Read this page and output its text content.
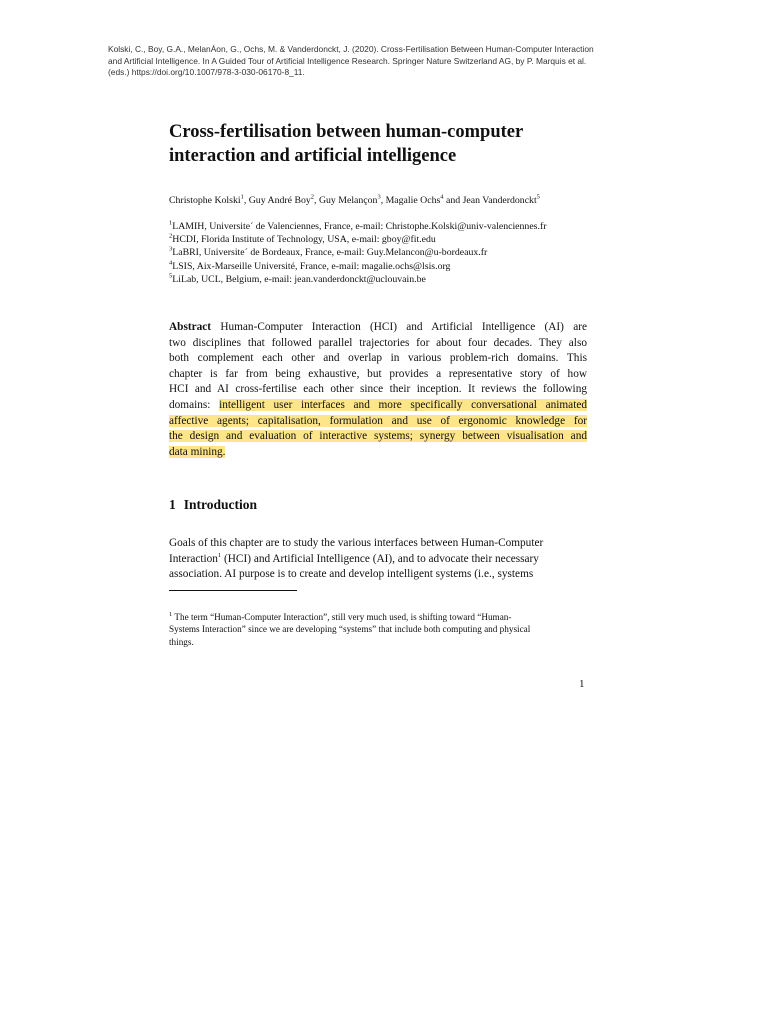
Kolski, C., Boy, G.A., MelanÁon, G., Ochs, M. & Vanderdonckt, J. (2020). Cross-Fertilisation Between Human-Computer Interaction
and Artificial Intelligence. In A Guided Tour of Artificial Intelligence Research. Springer Nature Switzerland AG, by P. Marquis et al.
(eds.) https://doi.org/10.1007/978-3-030-06170-8_11.
Cross-fertilisation between human-computer
interaction and artificial intelligence
Christophe Kolski$^1$, Guy André Boy$^2$, Guy Melançon$^3$, Magalie Ochs$^4$ and Jean Vanderdonckt$^5$
$^1$LAMIH, Universite´ de Valenciennes, France, e-mail: Christophe.Kolski@univ-valenciennes.fr
$^2$HCDI, Florida Institute of Technology, USA, e-mail: gboy@fit.edu
$^3$LaBRI, Universite´ de Bordeaux, France, e-mail: Guy.Melancon@u-bordeaux.fr
$^4$LSIS, Aix-Marseille Université, France, e-mail: magalie.ochs@lsis.org
$^5$LiLab, UCL, Belgium, e-mail: jean.vanderdonckt@uclouvain.be
Abstract Human-Computer Interaction (HCI) and Artificial Intelligence (AI) are
two disciplines that followed parallel trajectories for about four decades. They also
both complement each other and overlap in various problem-rich domains. This
chapter is far from being exhaustive, but provides a representative story of how
HCI and AI cross-fertilise each other since their inception. It reviews the following
domains: intelligent user interfaces and more specifically conversational animated
affective agents; capitalisation, formulation and use of ergonomic knowledge for
the design and evaluation of interactive systems; synergy between visualisation and
data mining.
1 Introduction
Goals of this chapter are to study the various interfaces between Human-Computer
Interaction$^1$ (HCI) and Artificial Intelligence (AI), and to advocate their necessary
association. AI purpose is to create and develop intelligent systems (i.e., systems
$^1$ The term “Human-Computer Interaction”, still very much used, is shifting toward “Human-
Systems Interaction” since we are developing “systems” that include both computing and physical
things.
1
